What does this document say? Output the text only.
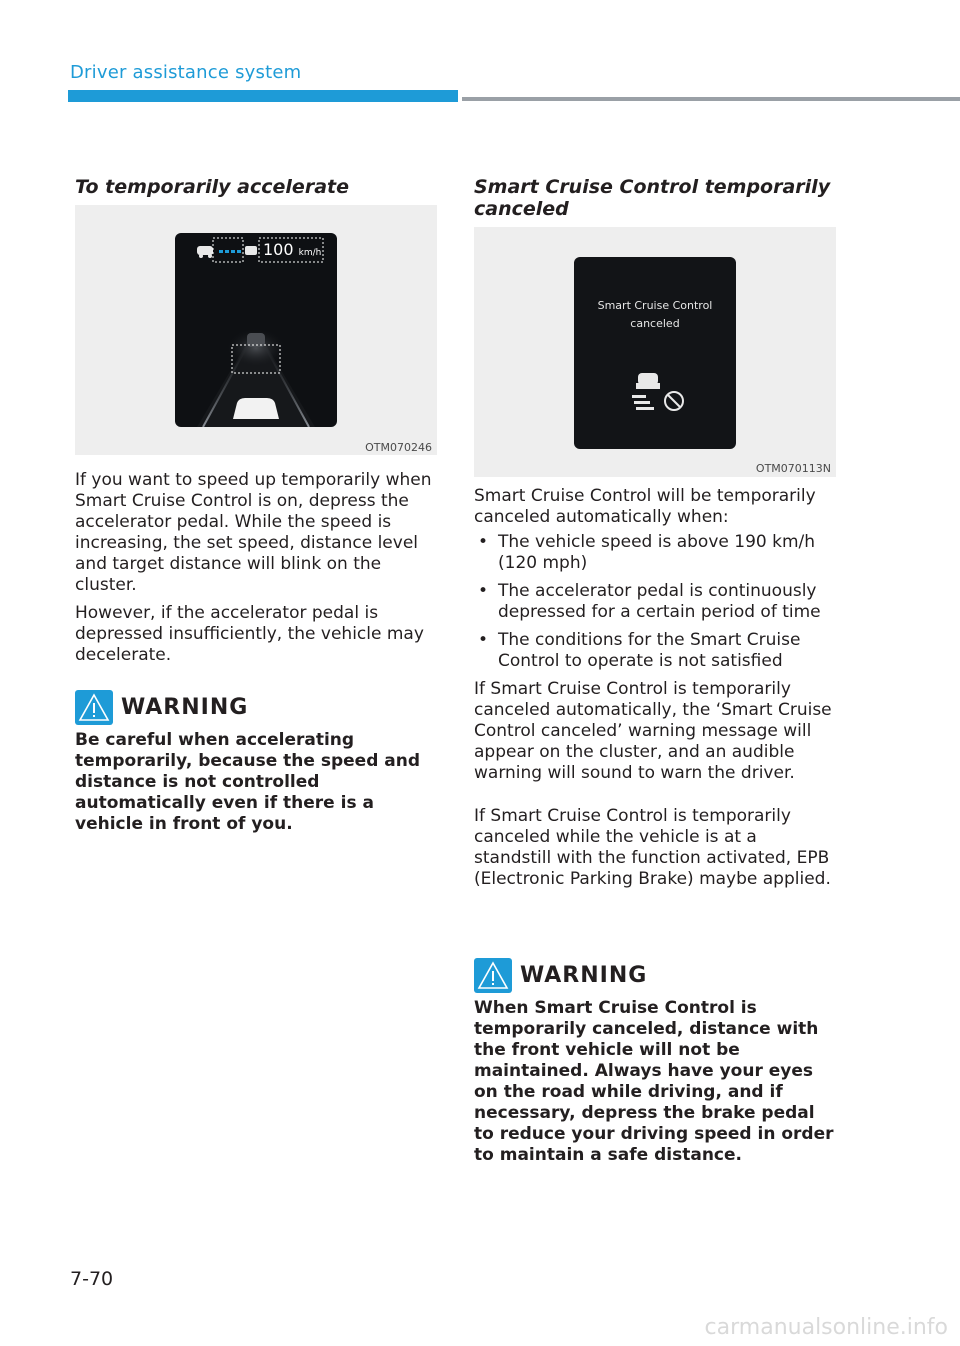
Driver assistance system
To temporarily accelerate
100 km/h
OTM070246

If you want to speed up temporarily when Smart Cruise Control is on, depress the accelerator pedal. While the speed is increasing, the set speed, distance level and target distance will blink on the cluster.

However, if the accelerator pedal is depressed insufficiently, the vehicle may decelerate.

WARNING
Be careful when accelerating temporarily, because the speed and distance is not controlled automatically even if there is a vehicle in front of you.
Smart Cruise Control temporarily canceled
Smart Cruise Control canceled
OTM070113N

Smart Cruise Control will be temporarily canceled automatically when:

• The vehicle speed is above 190 km/h (120 mph)
• The accelerator pedal is continuously depressed for a certain period of time
• The conditions for the Smart Cruise Control to operate is not satisfied

If Smart Cruise Control is temporarily canceled automatically, the ‘Smart Cruise Control canceled’ warning message will appear on the cluster, and an audible warning will sound to warn the driver.

If Smart Cruise Control is temporarily canceled while the vehicle is at a standstill with the function activated, EPB (Electronic Parking Brake) maybe applied.

WARNING
When Smart Cruise Control is temporarily canceled, distance with the front vehicle will not be maintained. Always have your eyes on the road while driving, and if necessary, depress the brake pedal to reduce your driving speed in order to maintain a safe distance.
7-70
carmanualsonline.info
